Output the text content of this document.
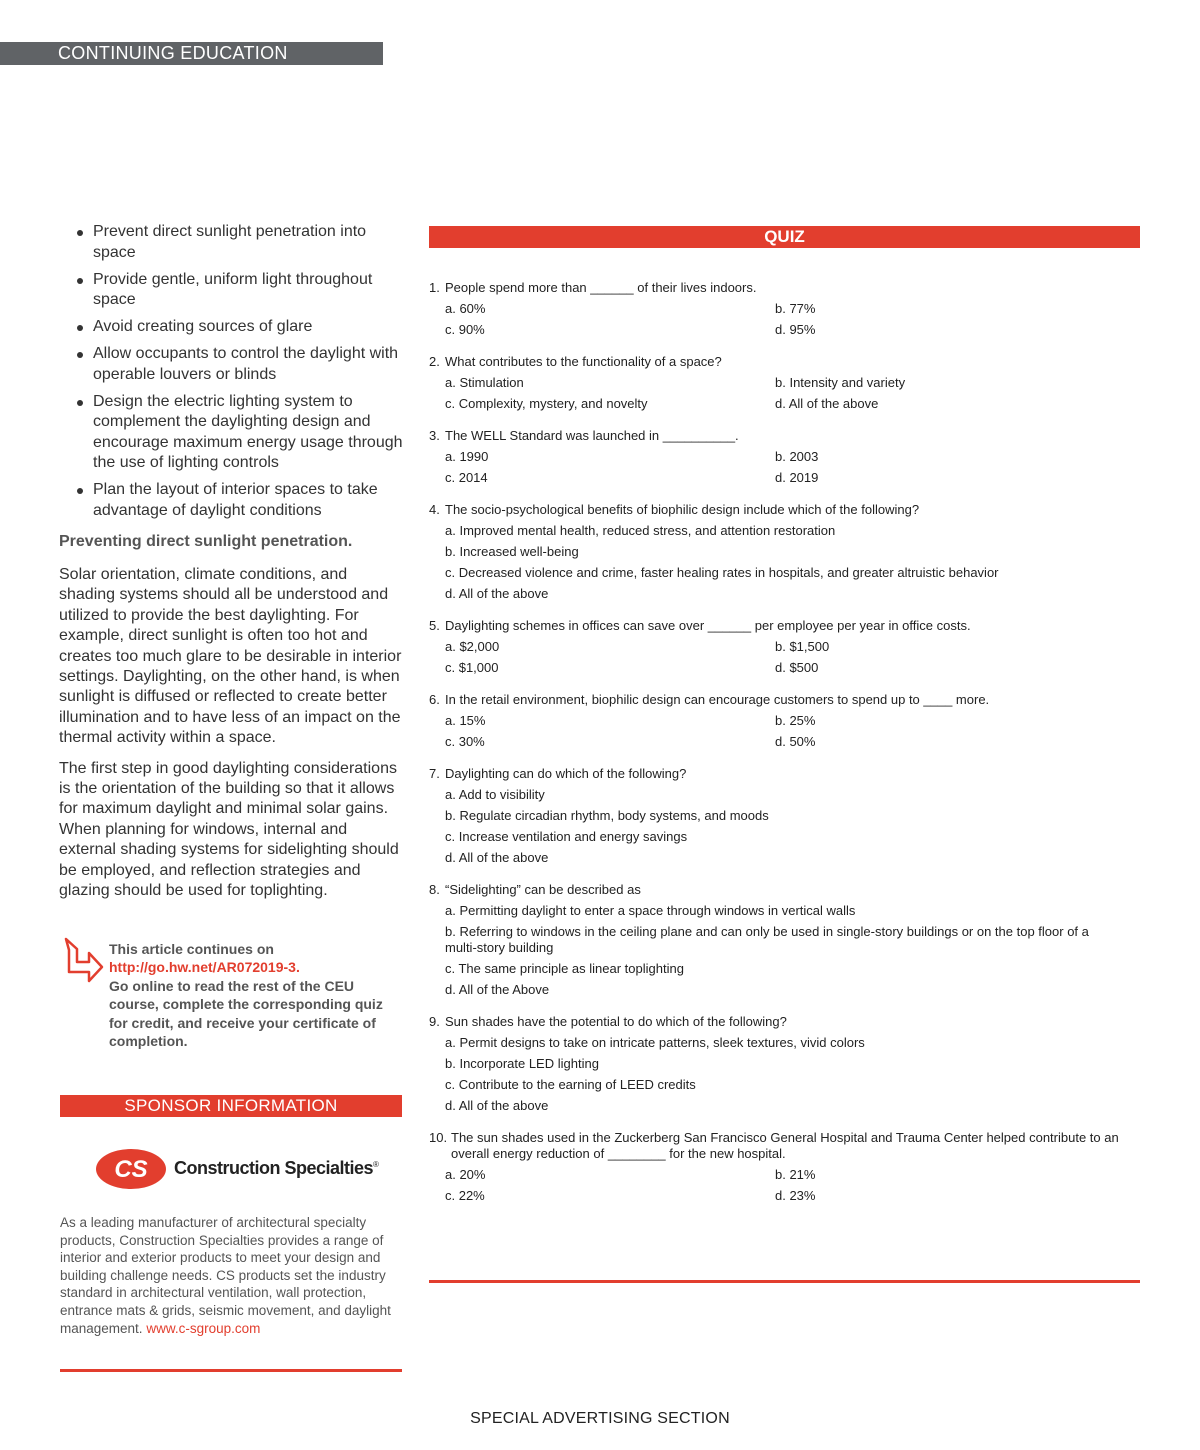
CONTINUING EDUCATION
Prevent direct sunlight penetration into space
Provide gentle, uniform light throughout space
Avoid creating sources of glare
Allow occupants to control the daylight with operable louvers or blinds
Design the electric lighting system to complement the daylighting design and encourage maximum energy usage through the use of lighting controls
Plan the layout of interior spaces to take advantage of daylight conditions
Preventing direct sunlight penetration.

Solar orientation, climate conditions, and shading systems should all be understood and utilized to provide the best daylighting. For example, direct sunlight is often too hot and creates too much glare to be desirable in interior settings. Daylighting, on the other hand, is when sunlight is diffused or reflected to create better illumination and to have less of an impact on the thermal activity within a space.

The first step in good daylighting considerations is the orientation of the building so that it allows for maximum daylight and minimal solar gains. When planning for windows, internal and external shading systems for sidelighting should be employed, and reflection strategies and glazing should be used for toplighting.

This article continues on
http://go.hw.net/AR072019-3.
Go online to read the rest of the CEU course, complete the corresponding quiz for credit, and receive your certificate of completion.
SPONSOR INFORMATION
CS Construction Specialties®
As a leading manufacturer of architectural specialty products, Construction Specialties provides a range of interior and exterior products to meet your design and building challenge needs. CS products set the industry standard in architectural ventilation, wall protection, entrance mats & grids, seismic movement, and daylight management. www.c-sgroup.com
QUIZ
1. People spend more than ______ of their lives indoors.
a. 60%	b. 77%
c. 90%	d. 95%
2. What contributes to the functionality of a space?
a. Stimulation	b. Intensity and variety
c. Complexity, mystery, and novelty	d. All of the above
3. The WELL Standard was launched in __________.
a. 1990	b. 2003
c. 2014	d. 2019
4. The socio-psychological benefits of biophilic design include which of the following?
a. Improved mental health, reduced stress, and attention restoration
b. Increased well-being
c. Decreased violence and crime, faster healing rates in hospitals, and greater altruistic behavior
d. All of the above
5. Daylighting schemes in offices can save over ______ per employee per year in office costs.
a. $2,000	b. $1,500
c. $1,000	d. $500
6. In the retail environment, biophilic design can encourage customers to spend up to ____ more.
a. 15%	b. 25%
c. 30%	d. 50%
7. Daylighting can do which of the following?
a. Add to visibility
b. Regulate circadian rhythm, body systems, and moods
c. Increase ventilation and energy savings
d. All of the above
8. “Sidelighting” can be described as
a. Permitting daylight to enter a space through windows in vertical walls
b. Referring to windows in the ceiling plane and can only be used in single-story buildings or on the top floor of a multi-story building
c. The same principle as linear toplighting
d. All of the Above
9. Sun shades have the potential to do which of the following?
a. Permit designs to take on intricate patterns, sleek textures, vivid colors
b. Incorporate LED lighting
c. Contribute to the earning of LEED credits
d. All of the above
10. The sun shades used in the Zuckerberg San Francisco General Hospital and Trauma Center helped contribute to an overall energy reduction of ________ for the new hospital.
a. 20%	b. 21%
c. 22%	d. 23%
SPECIAL ADVERTISING SECTION
